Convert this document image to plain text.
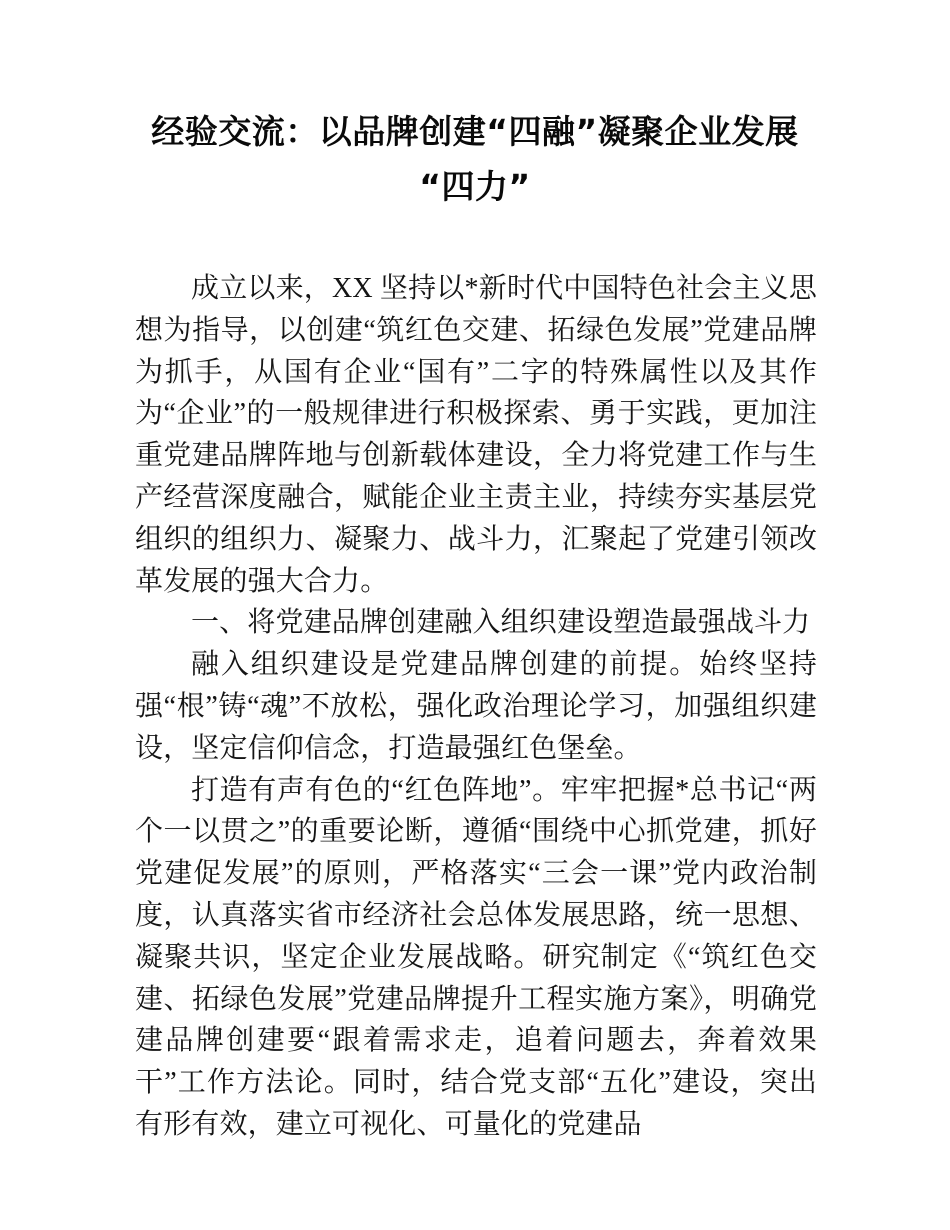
经验交流：以品牌创建“四融”凝聚企业发展
“四力”

成立以来，XX 坚持以*新时代中国特色社会主义思想为指导，以创建“筑红色交建、拓绿色发展”党建品牌为抓手，从国有企业“国有”二字的特殊属性以及其作为“企业”的一般规律进行积极探索、勇于实践，更加注重党建品牌阵地与创新载体建设，全力将党建工作与生产经营深度融合，赋能企业主责主业，持续夯实基层党组织的组织力、凝聚力、战斗力，汇聚起了党建引领改革发展的强大合力。

一、将党建品牌创建融入组织建设塑造最强战斗力

融入组织建设是党建品牌创建的前提。始终坚持强“根”铸“魂”不放松，强化政治理论学习，加强组织建设，坚定信仰信念，打造最强红色堡垒。

打造有声有色的“红色阵地”。牢牢把握*总书记“两个一以贯之”的重要论断，遵循“围绕中心抓党建，抓好党建促发展”的原则，严格落实“三会一课”党内政治制度，认真落实省市经济社会总体发展思路，统一思想、凝聚共识，坚定企业发展战略。研究制定《“筑红色交建、拓绿色发展”党建品牌提升工程实施方案》，明确党建品牌创建要“跟着需求走，追着问题去，奔着效果干”工作方法论。同时，结合党支部“五化”建设，突出有形有效，建立可视化、可量化的党建品
